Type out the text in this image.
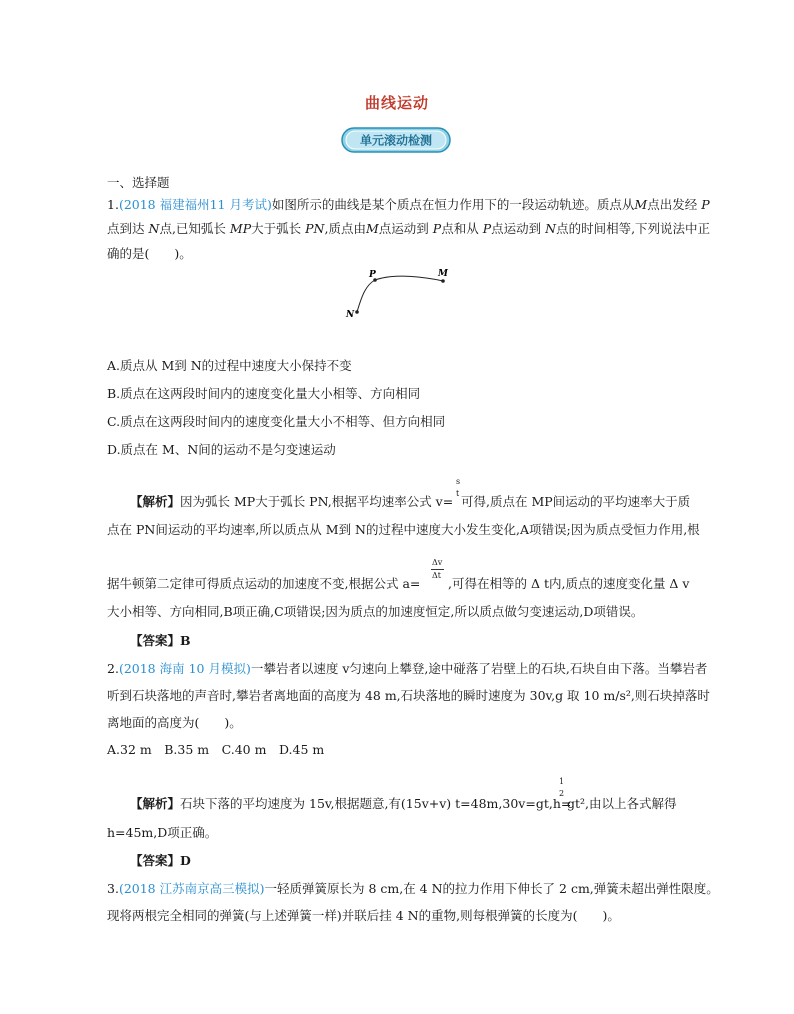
曲线运动
单元滚动检测
一、选择题
1.(2018 福建福州11 月考试)如图所示的曲线是某个质点在恒力作用下的一段运动轨迹。质点从M点出发经 P
点到达 N点,已知弧长 MP大于弧长 PN,质点由M点运动到 P点和从 P点运动到 N点的时间相等,下列说法中正
确的是(　　)。
P	M
N
A.质点从 M到 N的过程中速度大小保持不变
B.质点在这两段时间内的速度变化量大小相等、方向相同
C.质点在这两段时间内的速度变化量大小不相等、但方向相同
D.质点在 M、N间的运动不是匀变速运动
【解析】因为弧长 MP大于弧长 PN,根据平均速率公式 v=
s
t
可得,质点在 MP间运动的平均速率大于质
点在 PN间运动的平均速率,所以质点从 M到 N的过程中速度大小发生变化,A项错误;因为质点受恒力作用,根
据牛顿第二定律可得质点运动的加速度不变,根据公式 a=
Δv
Δt
,可得在相等的 Δ t内,质点的速度变化量 Δ v
大小相等、方向相同,B项正确,C项错误;因为质点的加速度恒定,所以质点做匀变速运动,D项错误。
【答案】B
2.(2018 海南 10 月模拟)一攀岩者以速度 v匀速向上攀登,途中碰落了岩壁上的石块,石块自由下落。当攀岩者
听到石块落地的声音时,攀岩者离地面的高度为 48 m,石块落地的瞬时速度为 30v,g 取 10 m/s²,则石块掉落时
离地面的高度为(　　)。
A.32 m　B.35 m　C.40 m　D.45 m
【解析】石块下落的平均速度为 15v,根据题意,有(15v+v) t=48m,30v=gt,h=
1
2
gt²,由以上各式解得
h=45m,D项正确。
【答案】D
3.(2018 江苏南京高三模拟)一轻质弹簧原长为 8 cm,在 4 N的拉力作用下伸长了 2 cm,弹簧未超出弹性限度。
现将两根完全相同的弹簧(与上述弹簧一样)并联后挂 4 N的重物,则每根弹簧的长度为(　　)。
